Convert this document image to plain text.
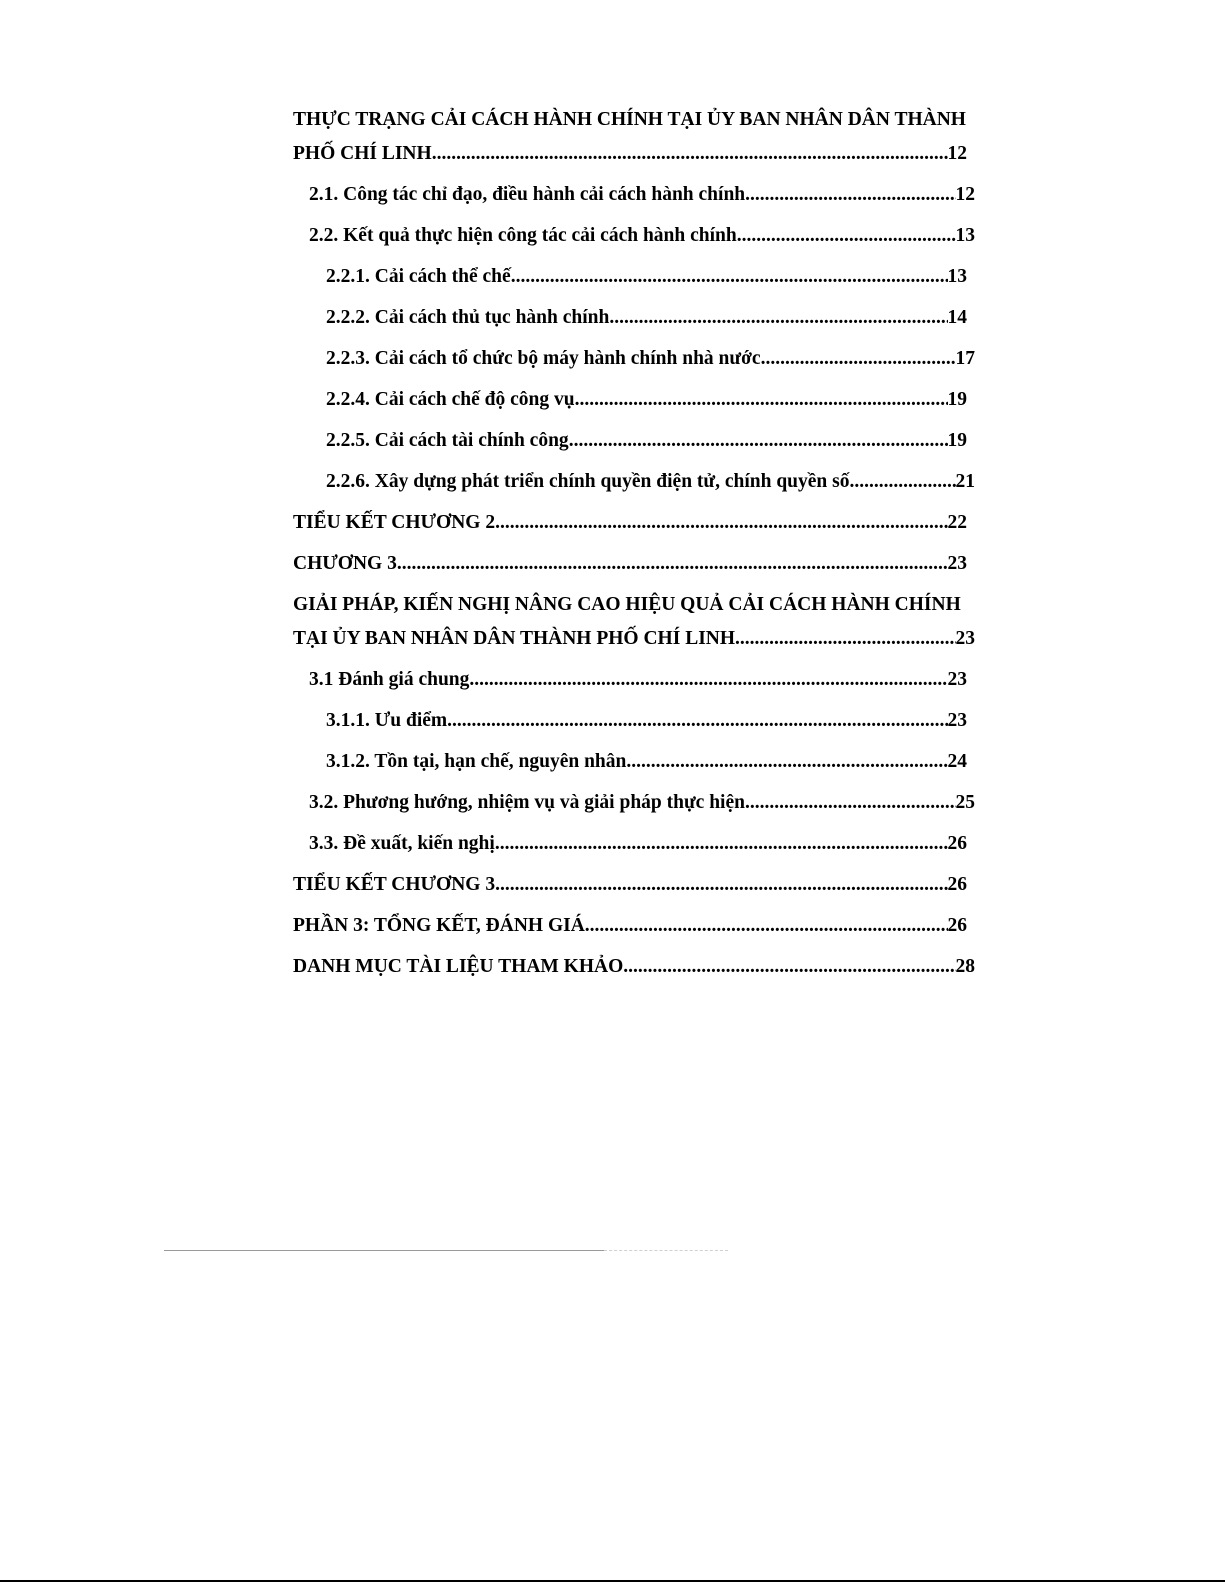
THỰC TRẠNG CẢI CÁCH HÀNH CHÍNH TẠI ỦY BAN NHÂN DÂN THÀNH
PHỐ CHÍ LINH .....	12
2.1. Công tác chỉ đạo, điều hành cải cách hành chính .....	12
2.2. Kết quả thực hiện công tác cải cách hành chính .....	13
2.2.1. Cải cách thể chế .....	13
2.2.2. Cải cách thủ tục hành chính .....	14
2.2.3. Cải cách tổ chức bộ máy hành chính nhà nước .....	17
2.2.4. Cải cách chế độ công vụ .....	19
2.2.5. Cải cách tài chính công .....	19
2.2.6. Xây dựng phát triển chính quyền điện tử, chính quyền số .....	21
TIỂU KẾT CHƯƠNG 2 .....	22
CHƯƠNG 3 .....	23
GIẢI PHÁP, KIẾN NGHỊ NÂNG CAO HIỆU QUẢ CẢI CÁCH HÀNH CHÍNH
TẠI ỦY BAN NHÂN DÂN THÀNH PHỐ CHÍ LINH .....	23
3.1 Đánh giá chung .....	23
3.1.1. Ưu điểm .....	23
3.1.2. Tồn tại, hạn chế, nguyên nhân .....	24
3.2. Phương hướng, nhiệm vụ và giải pháp thực hiện .....	25
3.3. Đề xuất, kiến nghị .....	26
TIỂU KẾT CHƯƠNG 3 .....	26
PHẦN 3: TỔNG KẾT, ĐÁNH GIÁ .....	26
DANH MỤC TÀI LIỆU THAM KHẢO .....	28
